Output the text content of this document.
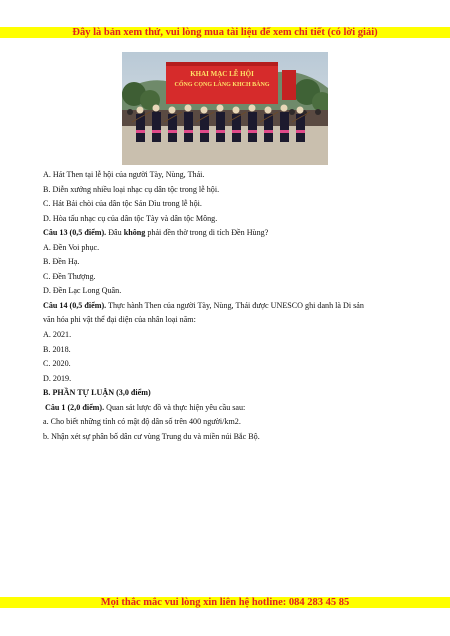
Đây là bản xem thử, vui lòng mua tài liệu để xem chi tiết (có lời giải)
KHAI MẠC LỄ HỘI
CỐNG CỌNG LÀNG KHCH BÀNG
A. Hát Then tại lễ hội của người Tày, Nùng, Thái.
B. Diễn xướng nhiều loại nhạc cụ dân tộc trong lễ hội.
C. Hát Bải chòi của dân tộc Sán Dìu trong lễ hội.
D. Hòa tấu nhạc cụ của dân tộc Tày và dân tộc Mông.
Câu 13 (0,5 điểm). Đâu không phải đền thờ trong di tích Đền Hùng?
A. Đền Voi phục.
B. Đền Hạ.
C. Đền Thượng.
D. Đền Lạc Long Quân.
Câu 14 (0,5 điểm). Thực hành Then của người Tày, Nùng, Thái được UNESCO ghi danh là Di sản
văn hóa phi vật thể đại diện của nhân loại năm:
A. 2021.
B. 2018.
C. 2020.
D. 2019.
B. PHẦN TỰ LUẬN (3,0 điểm)
Câu 1 (2,0 điểm). Quan sát lược đồ và thực hiện yêu cầu sau:
a. Cho biết những tỉnh có mật độ dân số trên 400 người/km2.
b. Nhận xét sự phân bố dân cư vùng Trung du và miền núi Bắc Bộ.
Mọi thắc mắc vui lòng xin liên hệ hotline: 084 283 45 85
